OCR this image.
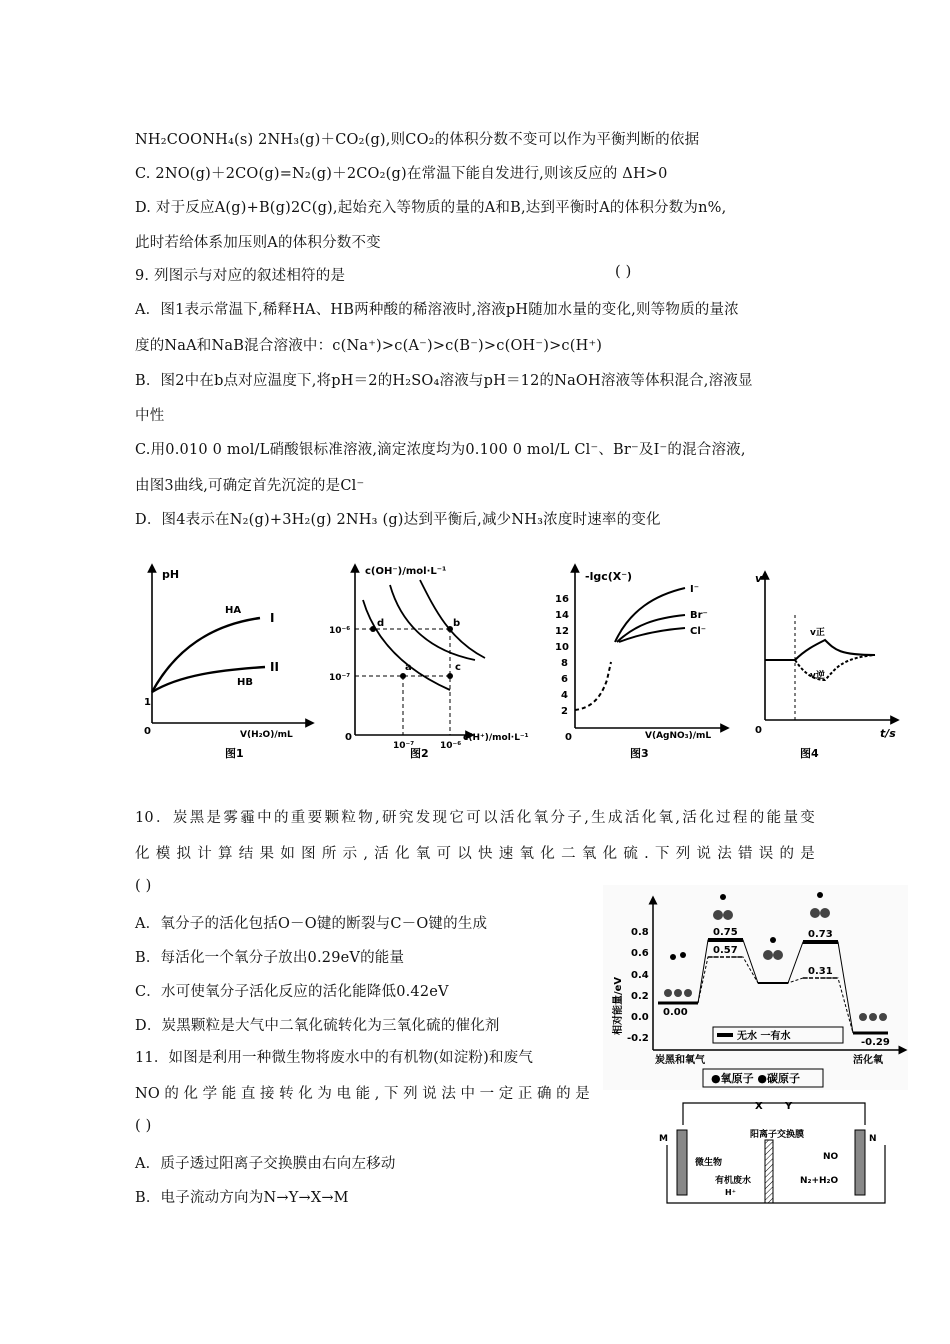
NH₂COONH₄(s) 2NH₃(g)＋CO₂(g),则CO₂的体积分数不变可以作为平衡判断的依据
C. 2NO(g)＋2CO(g)=N₂(g)＋2CO₂(g)在常温下能自发进行,则该反应的 ΔH>0
D. 对于反应A(g)+B(g)2C(g),起始充入等物质的量的A和B,达到平衡时A的体积分数为n%,
此时若给体系加压则A的体积分数不变
9. 列图示与对应的叙述相符的是	( )
A．图1表示常温下,稀释HA、HB两种酸的稀溶液时,溶液pH随加水量的变化,则等物质的量浓
度的NaA和NaB混合溶液中：c(Na⁺)>c(A⁻)>c(B⁻)>c(OH⁻)>c(H⁺)
B．图2中在b点对应温度下,将pH＝2的H₂SO₄溶液与pH＝12的NaOH溶液等体积混合,溶液显
中性
C.用0.010 0 mol/L硝酸银标准溶液,滴定浓度均为0.100 0 mol/L Cl⁻、Br⁻及I⁻的混合溶液,
由图3曲线,可确定首先沉淀的是Cl⁻
D．图4表示在N₂(g)+3H₂(g) 2NH₃ (g)达到平衡后,减少NH₃浓度时速率的变化
pH
HA
I
HB
II
1
0	V(H₂O)/mL
图1
c(OH⁻)/mol·L⁻¹
10⁻⁶
10⁻⁷
d	b
a	c
10⁻⁷	10⁻⁶
c(H⁺)/mol·L⁻¹
0
图2
-lgc(X⁻)
16
14
12
10
8
6
4
2
I⁻
Br⁻
Cl⁻
0	V(AgNO₃)/mL
图3
v
v正
v逆
0	t/s
图4
10．炭黑是雾霾中的重要颗粒物,研究发现它可以活化氧分子,生成活化氧,活化过程的能量变
化模拟计算结果如图所示,活化氧可以快速氧化二氧化硫.下列说法错误的是
( )
A．氧分子的活化包括O－O键的断裂与C－O键的生成
B．每活化一个氧分子放出0.29eV的能量
C．水可使氧分子活化反应的活化能降低0.42eV
D．炭黑颗粒是大气中二氧化硫转化为三氧化硫的催化剂
11．如图是利用一种微生物将废水中的有机物(如淀粉)和废气
NO的化学能直接转化为电能,下列说法中一定正确的是
( )
A．质子透过阳离子交换膜由右向左移动
B．电子流动方向为N→Y→X→M
相对能量/eV
0.8
0.6
0.4
0.2
0.0
-0.2
0.75
0.57
0.73
0.31
0.00
-0.29
无水 一有水
炭黑和氧气	活化氧
●氧原子 ●碳原子
X Y
M	N
阳离子交换膜
微生物
有机废水
H⁺
NO
N₂+H₂O
